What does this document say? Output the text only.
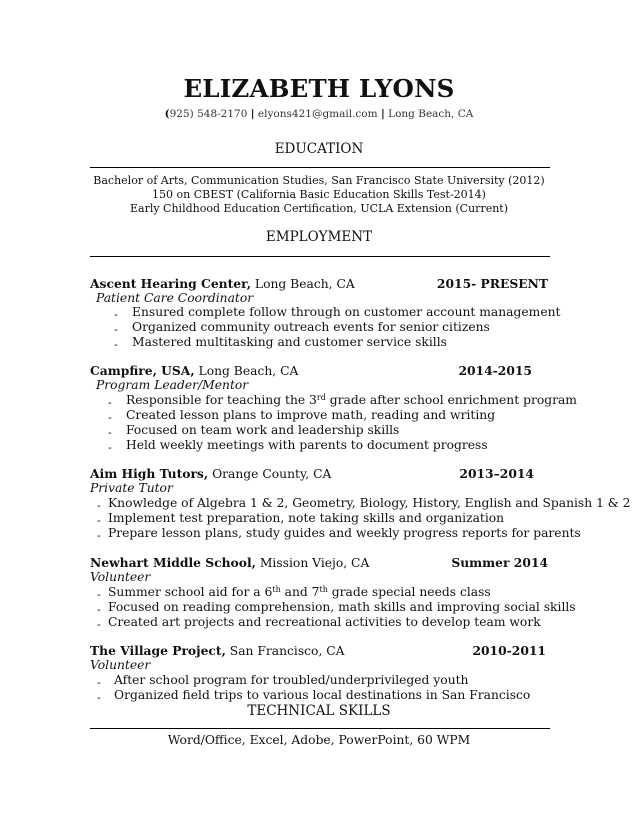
ELIZABETH LYONS
(925) 548-2170 | elyons421@gmail.com | Long Beach, CA
EDUCATION
Bachelor of Arts, Communication Studies, San Francisco State University (2012)
150 on CBEST (California Basic Education Skills Test-2014)
Early Childhood Education Certification, UCLA Extension (Current)
EMPLOYMENT
Ascent Hearing Center, Long Beach, CA	2015- PRESENT
Patient Care Coordinator
- Ensured complete follow through on customer account management
- Organized community outreach events for senior citizens
- Mastered multitasking and customer service skills
Campfire, USA, Long Beach, CA	2014-2015
Program Leader/Mentor
- Responsible for teaching the 3rd grade after school enrichment program
- Created lesson plans to improve math, reading and writing
- Focused on team work and leadership skills
- Held weekly meetings with parents to document progress
Aim High Tutors, Orange County, CA	2013–2014
Private Tutor
- Knowledge of Algebra 1 & 2, Geometry, Biology, History, English and Spanish 1 & 2
- Implement test preparation, note taking skills and organization
- Prepare lesson plans, study guides and weekly progress reports for parents
Newhart Middle School, Mission Viejo, CA	Summer 2014
Volunteer
- Summer school aid for a 6th and 7th grade special needs class
- Focused on reading comprehension, math skills and improving social skills
- Created art projects and recreational activities to develop team work
The Village Project, San Francisco, CA	2010-2011
Volunteer
- After school program for troubled/underprivileged youth
- Organized field trips to various local destinations in San Francisco
TECHNICAL SKILLS
Word/Office, Excel, Adobe, PowerPoint, 60 WPM
